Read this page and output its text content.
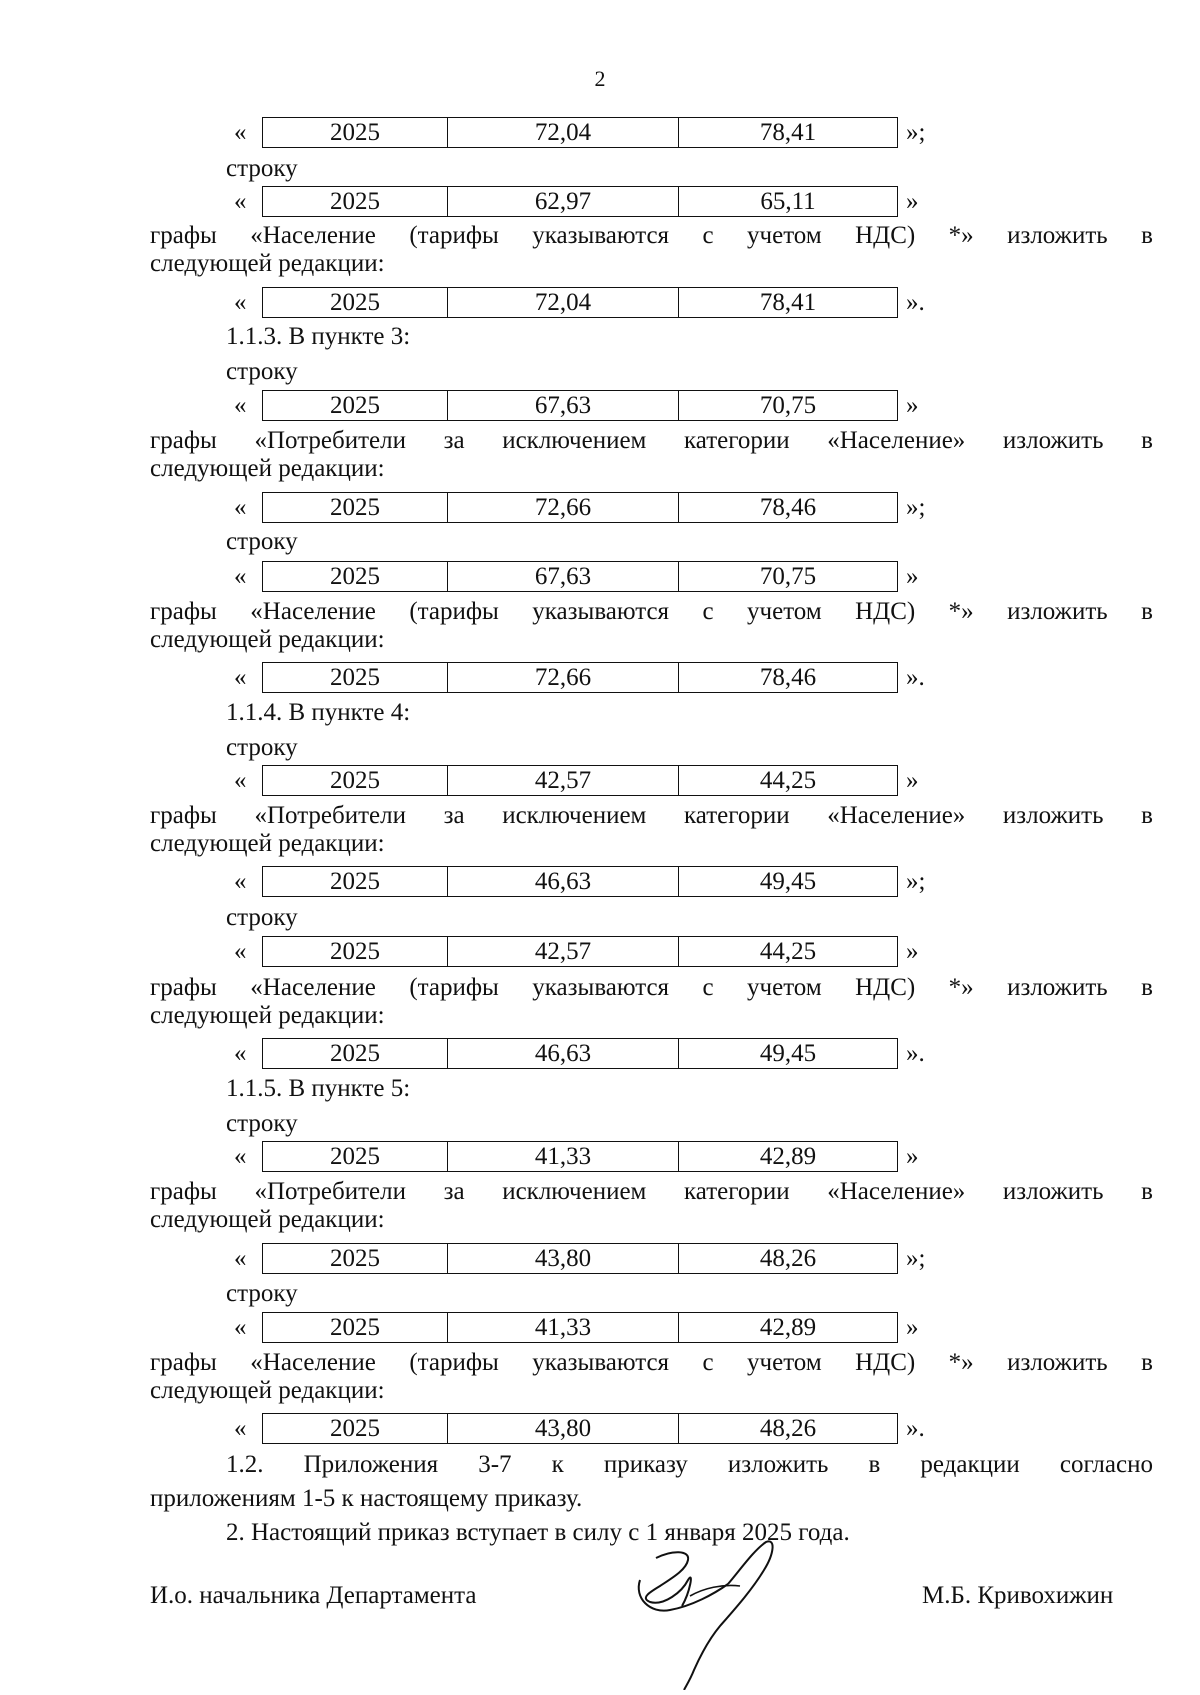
2
«	2025	72,04	78,41	»;
строку
«	2025	62,97	65,11	»
графы «Население (тарифы указываются с учетом НДС) *» изложить в
следующей редакции:
«	2025	72,04	78,41	».
1.1.3. В пункте 3:
строку
«	2025	67,63	70,75	»
графы «Потребители за исключением категории «Население» изложить в
следующей редакции:
«	2025	72,66	78,46	»;
строку
«	2025	67,63	70,75	»
графы «Население (тарифы указываются с учетом НДС) *» изложить в
следующей редакции:
«	2025	72,66	78,46	».
1.1.4. В пункте 4:
строку
«	2025	42,57	44,25	»
графы «Потребители за исключением категории «Население» изложить в
следующей редакции:
«	2025	46,63	49,45	»;
строку
«	2025	42,57	44,25	»
графы «Население (тарифы указываются с учетом НДС) *» изложить в
следующей редакции:
«	2025	46,63	49,45	».
1.1.5. В пункте 5:
строку
«	2025	41,33	42,89	»
графы «Потребители за исключением категории «Население» изложить в
следующей редакции:
«	2025	43,80	48,26	»;
строку
«	2025	41,33	42,89	»
графы «Население (тарифы указываются с учетом НДС) *» изложить в
следующей редакции:
«	2025	43,80	48,26	».
1.2. Приложения 3-7 к приказу изложить в редакции согласно
приложениям 1-5 к настоящему приказу.
2. Настоящий приказ вступает в силу с 1 января 2025 года.
И.о. начальника Департамента	М.Б. Кривохижин
